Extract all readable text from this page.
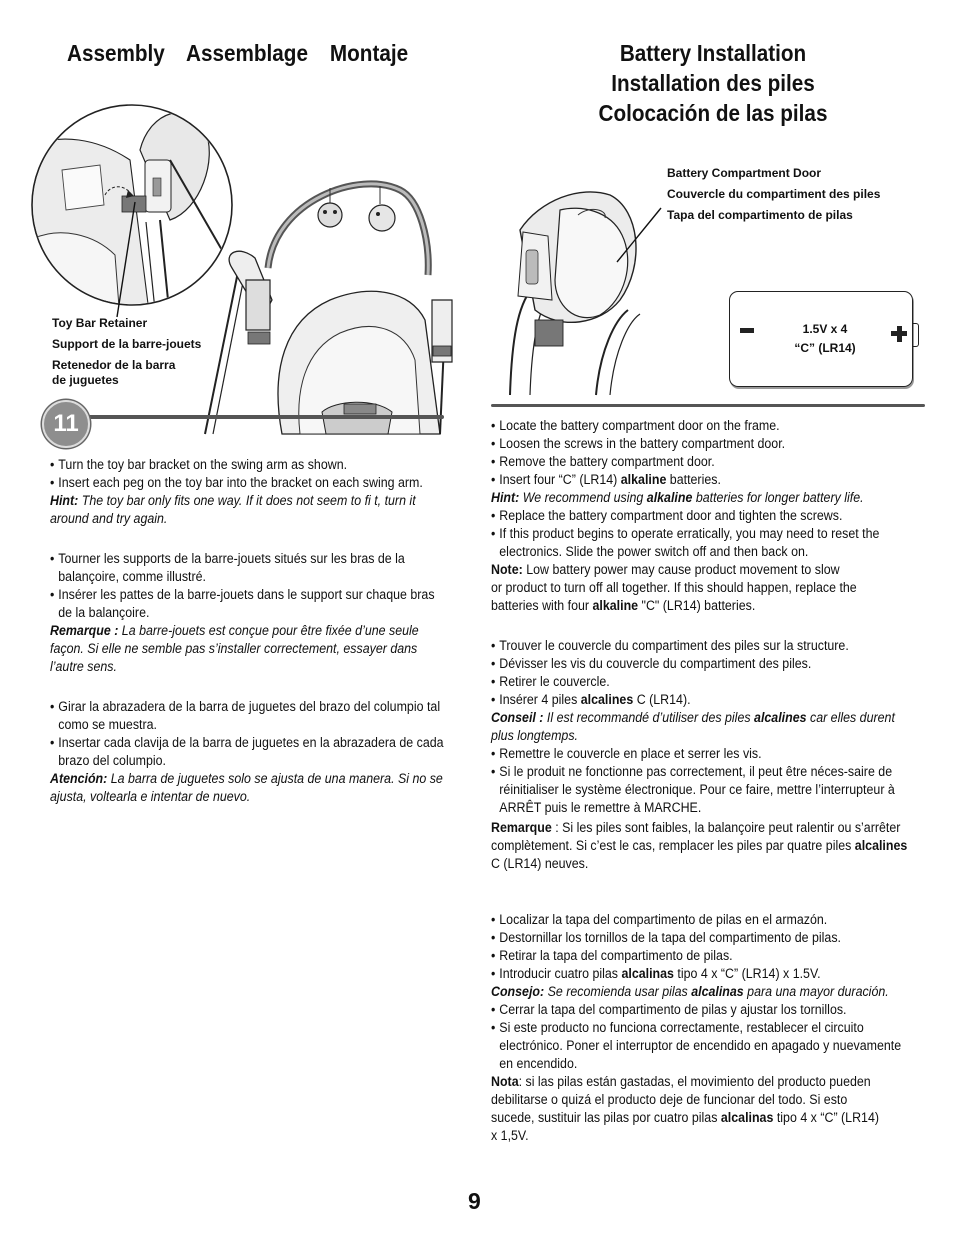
Assembly Assemblage Montaje	Battery Installation
Installation des piles
Colocación de las pilas
Toy Bar Retainer
Support de la barre-jouets
Retenedor de la barra
de juguetes
Battery Compartment Door
Couvercle du compartiment des piles
Tapa del compartimento de pilas
1.5V x 4
“C” (LR14)
11
• Turn the toy bar bracket on the swing arm as shown.
• Insert each peg on the toy bar into the bracket on each swing arm.
Hint: The toy bar only fits one way. If it does not seem to fi t, turn it around and try again.
• Tourner les supports de la barre-jouets situés sur les bras de la balançoire, comme illustré.
• Insérer les pattes de la barre-jouets dans le support sur chaque bras de la balançoire.
Remarque : La barre-jouets est conçue pour être fixée d’une seule façon. Si elle ne semble pas s’installer correctement, essayer dans l’autre sens.
• Girar la abrazadera de la barra de juguetes del brazo del columpio tal como se muestra.
• Insertar cada clavija de la barra de juguetes en la abrazadera de cada brazo del columpio.
Atención: La barra de juguetes solo se ajusta de una manera. Si no se ajusta, voltearla e intentar de nuevo.
• Locate the battery compartment door on the frame.
• Loosen the screws in the battery compartment door.
• Remove the battery compartment door.
• Insert four “C” (LR14) alkaline batteries.
Hint: We recommend using alkaline batteries for longer battery life.
• Replace the battery compartment door and tighten the screws.
• If this product begins to operate erratically, you may need to reset the electronics. Slide the power switch off and then back on.
Note: Low battery power may cause product movement to slow
or product to turn off all together. If this should happen, replace the
batteries with four alkaline "C" (LR14) batteries.
• Trouver le couvercle du compartiment des piles sur la structure.
• Dévisser les vis du couvercle du compartiment des piles.
• Retirer le couvercle.
• Insérer 4 piles alcalines C (LR14).
Conseil : Il est recommandé d’utiliser des piles alcalines car elles durent plus longtemps.
• Remettre le couvercle en place et serrer les vis.
• Si le produit ne fonctionne pas correctement, il peut être néces-saire de réinitialiser le système électronique. Pour ce faire, mettre l’interrupteur à ARRÊT puis le remettre à MARCHE.
Remarque : Si les piles sont faibles, la balançoire peut ralentir ou s’arrêter complètement. Si c’est le cas, remplacer les piles par quatre piles alcalines C (LR14) neuves.
• Localizar la tapa del compartimento de pilas en el armazón.
• Destornillar los tornillos de la tapa del compartimento de pilas.
• Retirar la tapa del compartimento de pilas.
• Introducir cuatro pilas alcalinas tipo 4 x “C” (LR14) x 1.5V.
Consejo: Se recomienda usar pilas alcalinas para una mayor duración.
• Cerrar la tapa del compartimento de pilas y ajustar los tornillos.
• Si este producto no funciona correctamente, restablecer el circuito electrónico. Poner el interruptor de encendido en apagado y nuevamente en encendido.
Nota: si las pilas están gastadas, el movimiento del producto pueden debilitarse o quizá el producto deje de funcionar del todo. Si esto sucede, sustituir las pilas por cuatro pilas alcalinas tipo 4 x “C” (LR14) x 1,5V.
9
